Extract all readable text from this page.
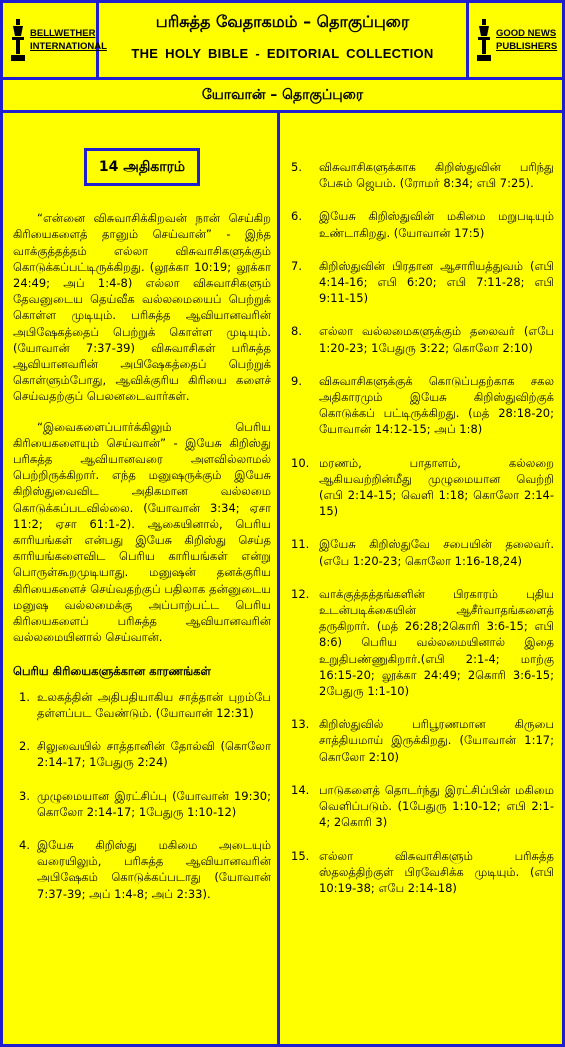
BELLWETHER INTERNATIONAL
பரிசுத்த வேதாகமம் – தொகுப்புரை
THE HOLY BIBLE - EDITORIAL COLLECTION
GOOD NEWS PUBLISHERS
யோவான் – தொகுப்புரை
14 அதிகாரம்

“என்னை விசுவாசிக்கிறவன் நான் செய்கிற கிரியைகளைத் தானும் செய்வான்” - இந்த வாக்குத்தத்தம் எல்லா விசுவாசிகளுக்கும் கொடுக்கப்பட்டிருக்கிறது. (லூக்கா 10:19; லூக்கா 24:49; அப் 1:4-8) எல்லா விசுவாசிகளும் தேவனுடைய தெய்வீக வல்லமையைப் பெற்றுக் கொள்ள முடியும். பரிசுத்த ஆவியானவரின் அபிஷேகத்தைப் பெற்றுக் கொள்ள முடியும். (யோவான் 7:37-39) விசுவாசிகள் பரிசுத்த ஆவியானவரின் அபிஷேகத்தைப் பெற்றுக் கொள்ளும்போது, ஆவிக்குரிய கிரியை களைச் செய்வதற்குப் பெலனடைவார்கள்.

“இவைகளைப்பார்க்கிலும் பெரிய கிரியைகளையும் செய்வான்” - இயேசு கிறிஸ்து பரிசுத்த ஆவியானவரை அளவில்லாமல் பெற்றிருக்கிறார். எந்த மனுஷருக்கும் இயேசு கிறிஸ்துவைவிட அதிகமான வல்லமை கொடுக்கப்படவில்லை. (யோவான் 3:34; ஏசா 11:2; ஏசா 61:1-2). ஆகையினால், பெரிய காரியங்கள் என்பது இயேசு கிறிஸ்து செய்த காரியங்களைவிட பெரிய காரியங்கள் என்று பொருள்கூறமுடியாது. மனுஷன் தனக்குரிய கிரியைகளைச் செய்வதற்குப் பதிலாக தன்னுடைய மனுஷ வல்லமைக்கு அப்பாற்பட்ட பெரிய கிரியைகளைப் பரிசுத்த ஆவியானவரின் வல்லமையினால் செய்வான்.

பெரிய கிரியைகளுக்கான காரணங்கள்
1. உலகத்தின் அதிபதியாகிய சாத்தான் புறம்பே தள்ளப்பட வேண்டும். (யோவான் 12:31)
2. சிலுவையில் சாத்தானின் தோல்வி (கொலோ 2:14-17; 1பேதுரு 2:24)
3. முழுமையான இரட்சிப்பு (யோவான் 19:30; கொலோ 2:14-17; 1பேதுரு 1:10-12)
4. இயேசு கிறிஸ்து மகிமை அடையும் வரையிலும், பரிசுத்த ஆவியானவரின் அபிஷேகம் கொடுக்கப்படாது (யோவான் 7:37-39; அப் 1:4-8; அப் 2:33).
5. விசுவாசிகளுக்காக கிறிஸ்துவின் பரிந்து பேசும் ஜெபம். (ரோமர் 8:34; எபி 7:25).
6. இயேசு கிறிஸ்துவின் மகிமை மறுபடியும் உண்டாகிறது. (யோவான் 17:5)
7. கிறிஸ்துவின் பிரதான ஆசாரியத்துவம் (எபி 4:14-16; எபி 6:20; எபி 7:11-28; எபி 9:11-15)
8. எல்லா வல்லமைகளுக்கும் தலைவர் (எபே 1:20-23; 1பேதுரு 3:22; கொலோ 2:10)
9. விசுவாசிகளுக்குக் கொடுப்பதற்காக சகல அதிகாரமும் இயேசு கிறிஸ்துவிற்குக் கொடுக்கப் பட்டிருக்கிறது. (மத் 28:18-20; யோவான் 14:12-15; அப் 1:8)
10. மரணம், பாதாளம், கல்லறை ஆகியவற்றின்மீது முழுமையான வெற்றி (எபி 2:14-15; வெளி 1:18; கொலோ 2:14-15)
11. இயேசு கிறிஸ்துவே சபையின் தலைவர். (எபே 1:20-23; கொலோ 1:16-18,24)
12. வாக்குத்தத்தங்களின் பிரகாரம் புதிய உடன்படிக்கையின் ஆசீர்வாதங்களைத் தருகிறார். (மத் 26:28;2கொரி 3:6-15; எபி 8:6) பெரிய வல்லமையினால் இதை உறுதிபண்ணுகிறார்.(எபி 2:1-4; மாற்கு 16:15-20; லூக்கா 24:49; 2கொரி 3:6-15; 2பேதுரு 1:1-10)
13. கிறிஸ்துவில் பரிபூரணமான கிருபை சாத்தியமாய் இருக்கிறது. (யோவான் 1:17; கொலோ 2:10)
14. பாடுகளைத் தொடர்ந்து இரட்சிப்பின் மகிமை வெளிப்படும். (1பேதுரு 1:10-12; எபி 2:1-4; 2கொரி 3)
15. எல்லா விசுவாசிகளும் பரிசுத்த ஸ்தலத்திற்குள் பிரவேசிக்க முடியும். (எபி 10:19-38; எபே 2:14-18)
